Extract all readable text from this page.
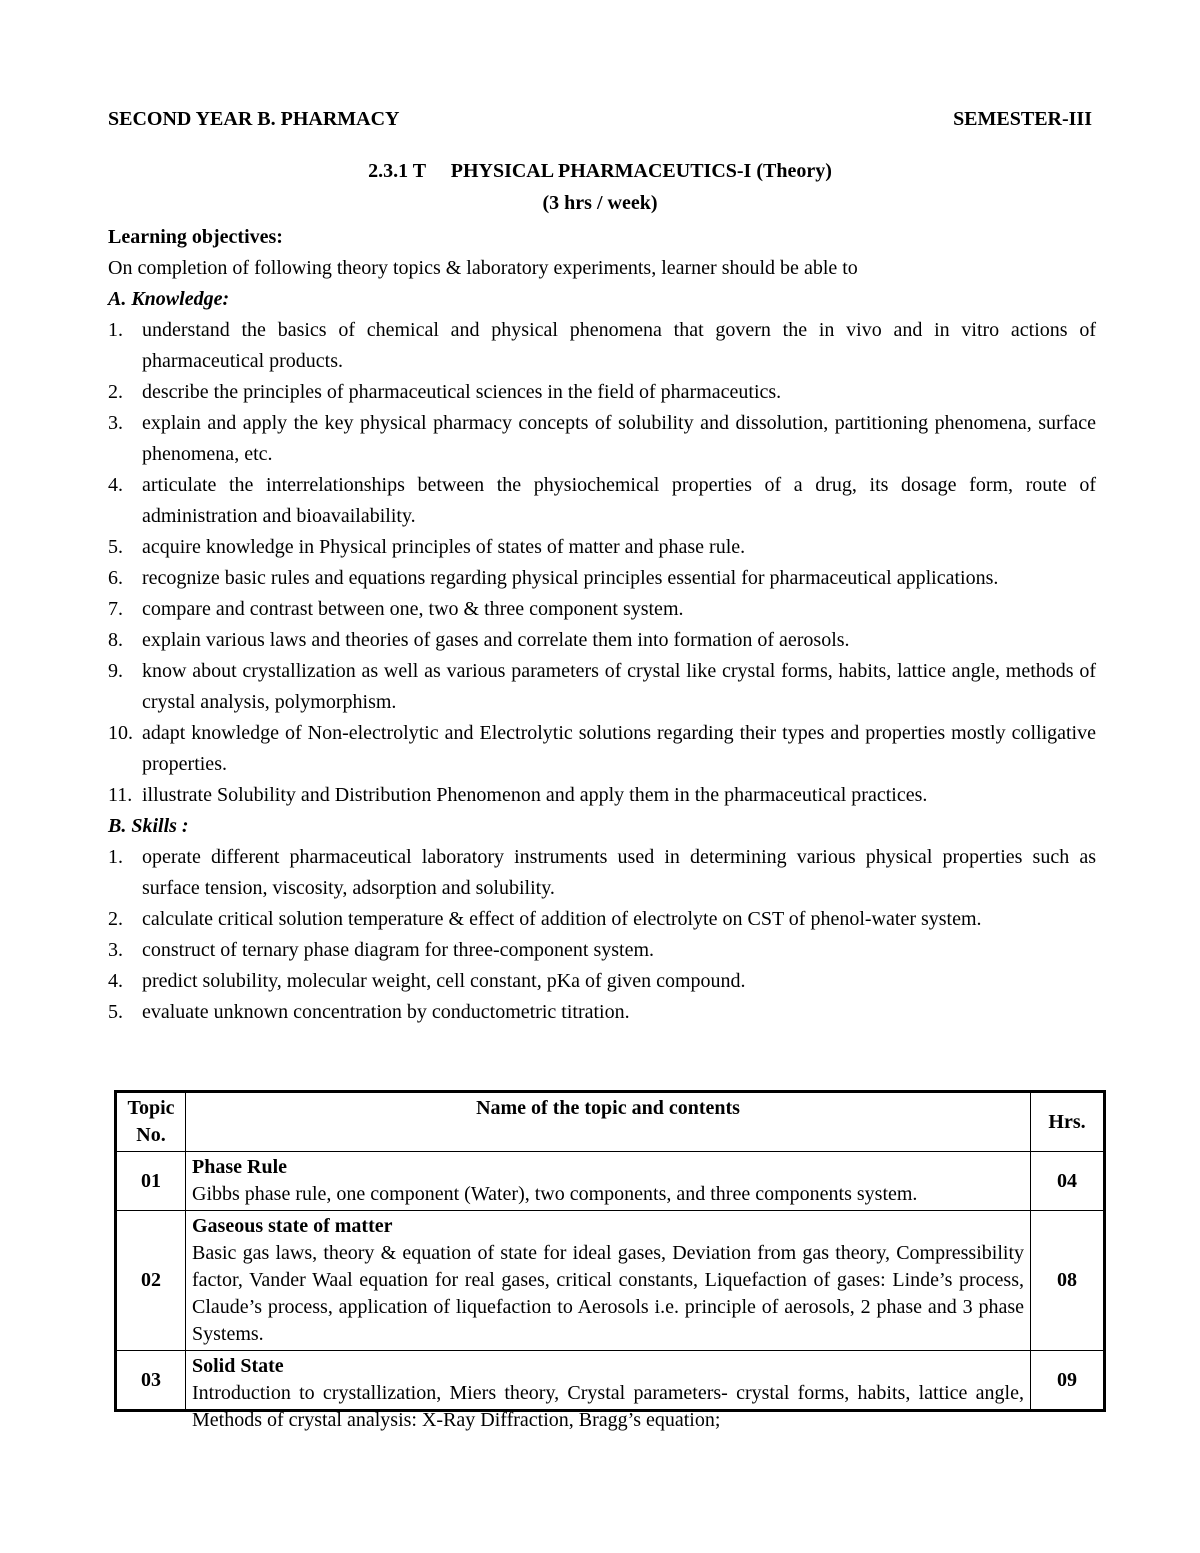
SECOND YEAR B. PHARMACY	SEMESTER-III
2.3.1 T     PHYSICAL PHARMACEUTICS-I (Theory)
(3 hrs / week)
Learning objectives:
On completion of following theory topics & laboratory experiments, learner should be able to
A. Knowledge:
1. understand the basics of chemical and physical phenomena that govern the in vivo and in vitro actions of pharmaceutical products.
2. describe the principles of pharmaceutical sciences in the field of pharmaceutics.
3. explain and apply the key physical pharmacy concepts of solubility and dissolution, partitioning phenomena, surface phenomena, etc.
4. articulate the interrelationships between the physiochemical properties of a drug, its dosage form, route of administration and bioavailability.
5. acquire knowledge in Physical principles of states of matter and phase rule.
6. recognize basic rules and equations regarding physical principles essential for pharmaceutical applications.
7. compare and contrast between one, two & three component system.
8. explain various laws and theories of gases and correlate them into formation of aerosols.
9. know about crystallization as well as various parameters of crystal like crystal forms, habits, lattice angle, methods of crystal analysis, polymorphism.
10. adapt knowledge of Non-electrolytic and Electrolytic solutions regarding their types and properties mostly colligative properties.
11. illustrate Solubility and Distribution Phenomenon and apply them in the pharmaceutical practices.
B. Skills :
1. operate different pharmaceutical laboratory instruments used in determining various physical properties such as surface tension, viscosity, adsorption and solubility.
2. calculate critical solution temperature & effect of addition of electrolyte on CST of phenol-water system.
3. construct of ternary phase diagram for three-component system.
4. predict solubility, molecular weight, cell constant, pKa of given compound.
5. evaluate unknown concentration by conductometric titration.
Topic No.	Name of the topic and contents	Hrs.
01	Phase Rule
Gibbs phase rule, one component (Water), two components, and three components system.	04
02	Gaseous state of matter
Basic gas laws, theory & equation of state for ideal gases, Deviation from gas theory, Compressibility factor, Vander Waal equation for real gases, critical constants, Liquefaction of gases: Linde’s process, Claude’s process, application of liquefaction to Aerosols i.e. principle of aerosols, 2 phase and 3 phase Systems.	08
03	Solid State
Introduction to crystallization, Miers theory, Crystal parameters- crystal forms, habits, lattice angle, Methods of crystal analysis: X-Ray Diffraction, Bragg’s equation;	09
